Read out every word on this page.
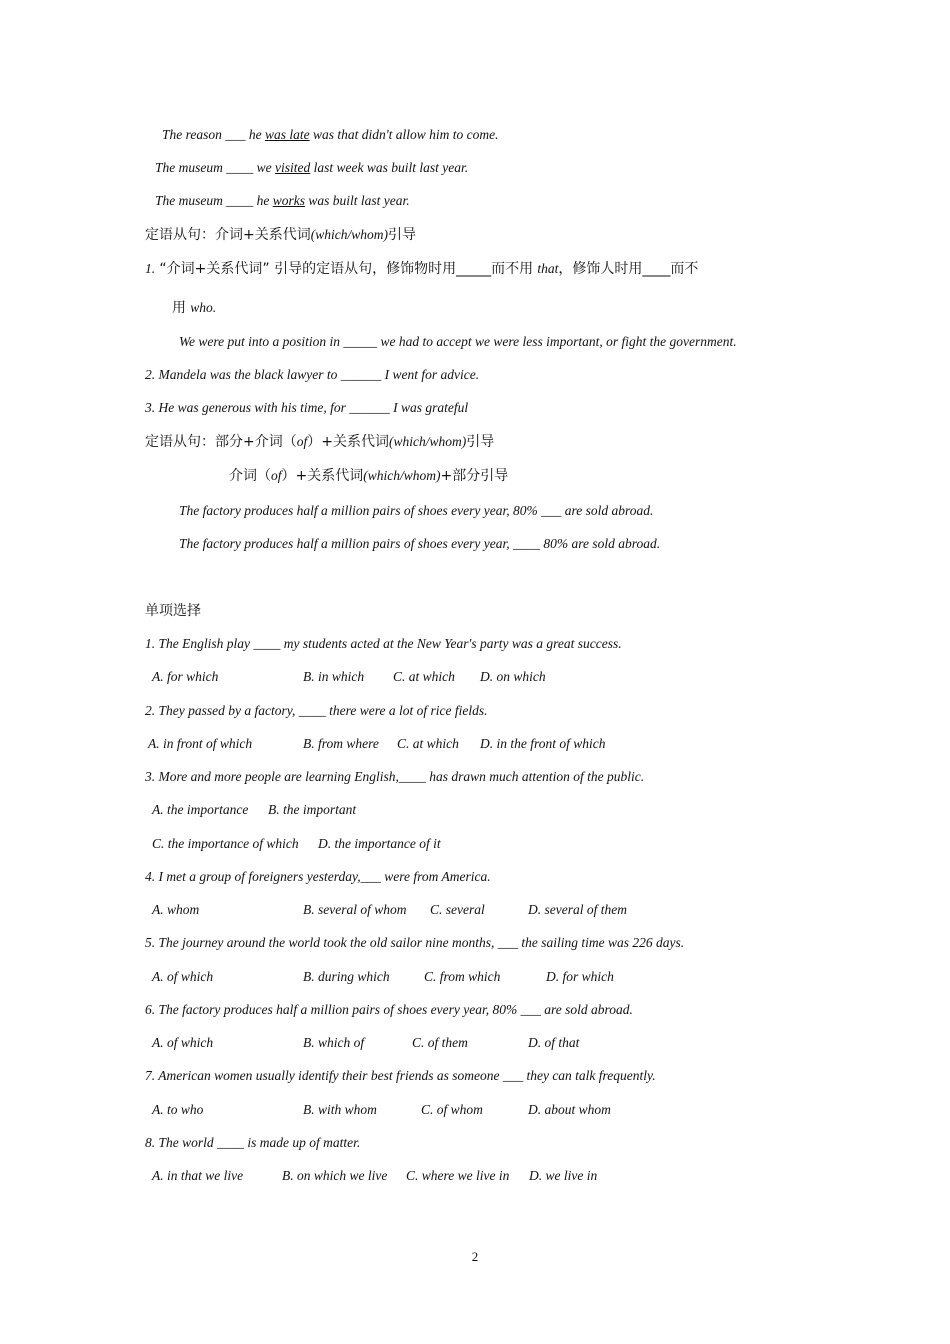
The reason ___ he was late was that didn't allow him to come.
The museum ____ we visited last week was built last year.
The museum ____ he works was built last year.
定语从句：介词+关系代词(which/whom)引导
1. “介词+关系代词” 引导的定语从句，修饰物时用_____而不用 that，修饰人时用____而不
用 who.
We were put into a position in _____ we had to accept we were less important, or fight the government.
2. Mandela was the black lawyer to ______ I went for advice.
3. He was generous with his time, for ______ I was grateful
定语从句：部分+介词（of）+关系代词(which/whom)引导
介词（of）+关系代词(which/whom)+部分引导
The factory produces half a million pairs of shoes every year, 80% ___ are sold abroad.
The factory produces half a million pairs of shoes every year, ____ 80% are sold abroad.
单项选择
1. The English play ____ my students acted at the New Year's party was a great success.
A. for which	B. in which C. at which D. on which
2. They passed by a factory, ____ there were a lot of rice fields.
A. in front of which	B. from where C. at which D. in the front of which
3. More and more people are learning English,____ has drawn much attention of the public.
A. the importance B. the important
C. the importance of which D. the importance of it
4. I met a group of foreigners yesterday,___ were from America.
A. whom	B. several of whom C. several	D. several of them
5. The journey around the world took the old sailor nine months, ___ the sailing time was 226 days.
A. of which	B. during which	C. from which	D. for which
6. The factory produces half a million pairs of shoes every year, 80% ___ are sold abroad.
A. of which	B. which of	C. of them	D. of that
7. American women usually identify their best friends as someone ___ they can talk frequently.
A. to who	B. with whom	C. of whom	D. about whom
8. The world ____ is made up of matter.
A. in that we live	B. on which we live C. where we live in D. we live in
2
